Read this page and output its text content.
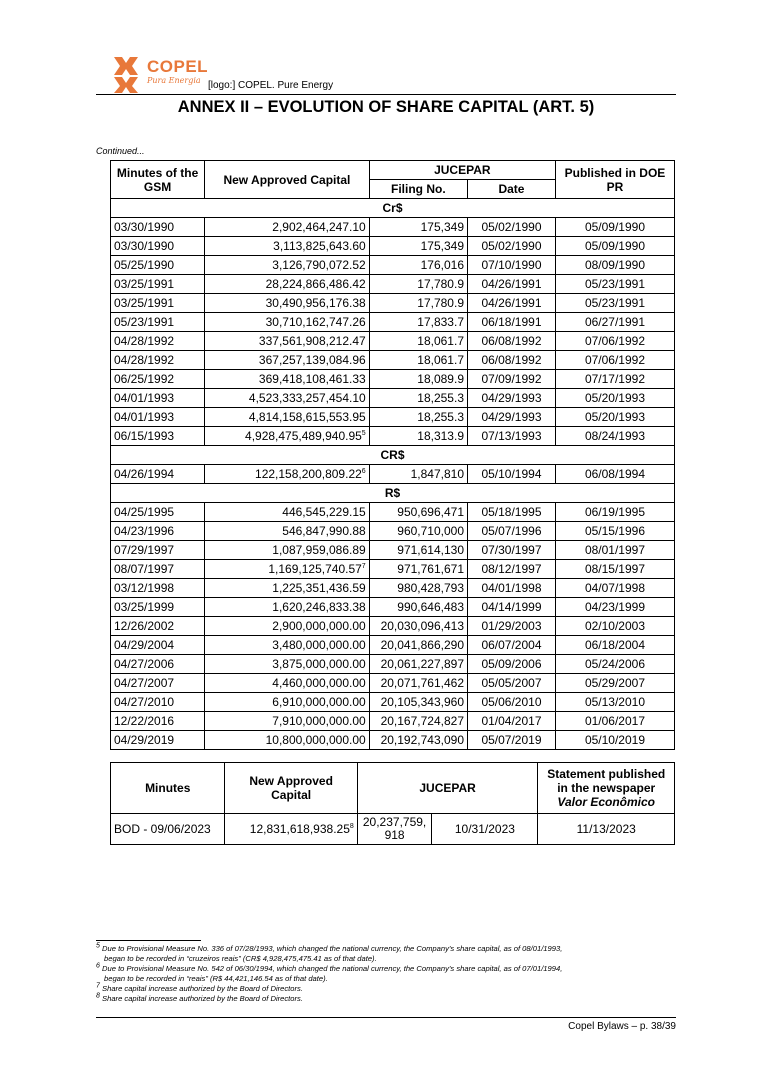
COPEL
Pura Energia [logo:] COPEL. Pure Energy
ANNEX II – EVOLUTION OF SHARE CAPITAL (ART. 5)
Continued...
Minutes of the GSM	New Approved Capital	JUCEPAR		Published in DOE PR
		Filing No.	Date	
Cr$				
03/30/1990	2,902,464,247.10	175,349	05/02/1990	05/09/1990
03/30/1990	3,113,825,643.60	175,349	05/02/1990	05/09/1990
05/25/1990	3,126,790,072.52	176,016	07/10/1990	08/09/1990
03/25/1991	28,224,866,486.42	17,780.9	04/26/1991	05/23/1991
03/25/1991	30,490,956,176.38	17,780.9	04/26/1991	05/23/1991
05/23/1991	30,710,162,747.26	17,833.7	06/18/1991	06/27/1991
04/28/1992	337,561,908,212.47	18,061.7	06/08/1992	07/06/1992
04/28/1992	367,257,139,084.96	18,061.7	06/08/1992	07/06/1992
06/25/1992	369,418,108,461.33	18,089.9	07/09/1992	07/17/1992
04/01/1993	4,523,333,257,454.10	18,255.3	04/29/1993	05/20/1993
04/01/1993	4,814,158,615,553.95	18,255.3	04/29/1993	05/20/1993
06/15/1993	4,928,475,489,940.95$^5$	18,313.9	07/13/1993	08/24/1993
CR$				
04/26/1994	122,158,200,809.22$^6$	1,847,810	05/10/1994	06/08/1994
R$				
04/25/1995	446,545,229.15	950,696,471	05/18/1995	06/19/1995
04/23/1996	546,847,990.88	960,710,000	05/07/1996	05/15/1996
07/29/1997	1,087,959,086.89	971,614,130	07/30/1997	08/01/1997
08/07/1997	1,169,125,740.57$^7$	971,761,671	08/12/1997	08/15/1997
03/12/1998	1,225,351,436.59	980,428,793	04/01/1998	04/07/1998
03/25/1999	1,620,246,833.38	990,646,483	04/14/1999	04/23/1999
12/26/2002	2,900,000,000.00	20,030,096,413	01/29/2003	02/10/2003
04/29/2004	3,480,000,000.00	20,041,866,290	06/07/2004	06/18/2004
04/27/2006	3,875,000,000.00	20,061,227,897	05/09/2006	05/24/2006
04/27/2007	4,460,000,000.00	20,071,761,462	05/05/2007	05/29/2007
04/27/2010	6,910,000,000.00	20,105,343,960	05/06/2010	05/13/2010
12/22/2016	7,910,000,000.00	20,167,724,827	01/04/2017	01/06/2017
04/29/2019	10,800,000,000.00	20,192,743,090	05/07/2019	05/10/2019
Minutes	New Approved Capital	JUCEPAR		Statement published in the newspaper Valor Econômico
BOD - 09/06/2023	12,831,618,938.25$^8$	20,237,759,918	10/31/2023	11/13/2023

$^5$ Due to Provisional Measure No. 336 of 07/28/1993, which changed the national currency, the Company’s share capital, as of 08/01/1993,

began to be recorded in “cruzeiros reais” (CR$ 4,928,475,475.41 as of that date).

$^6$ Due to Provisional Measure No. 542 of 06/30/1994, which changed the national currency, the Company’s share capital, as of 07/01/1994,

began to be recorded in “reais” (R$ 44,421,146.54 as of that date).

$^7$ Share capital increase authorized by the Board of Directors.

$^8$ Share capital increase authorized by the Board of Directors.

Copel Bylaws – p. 38/39
